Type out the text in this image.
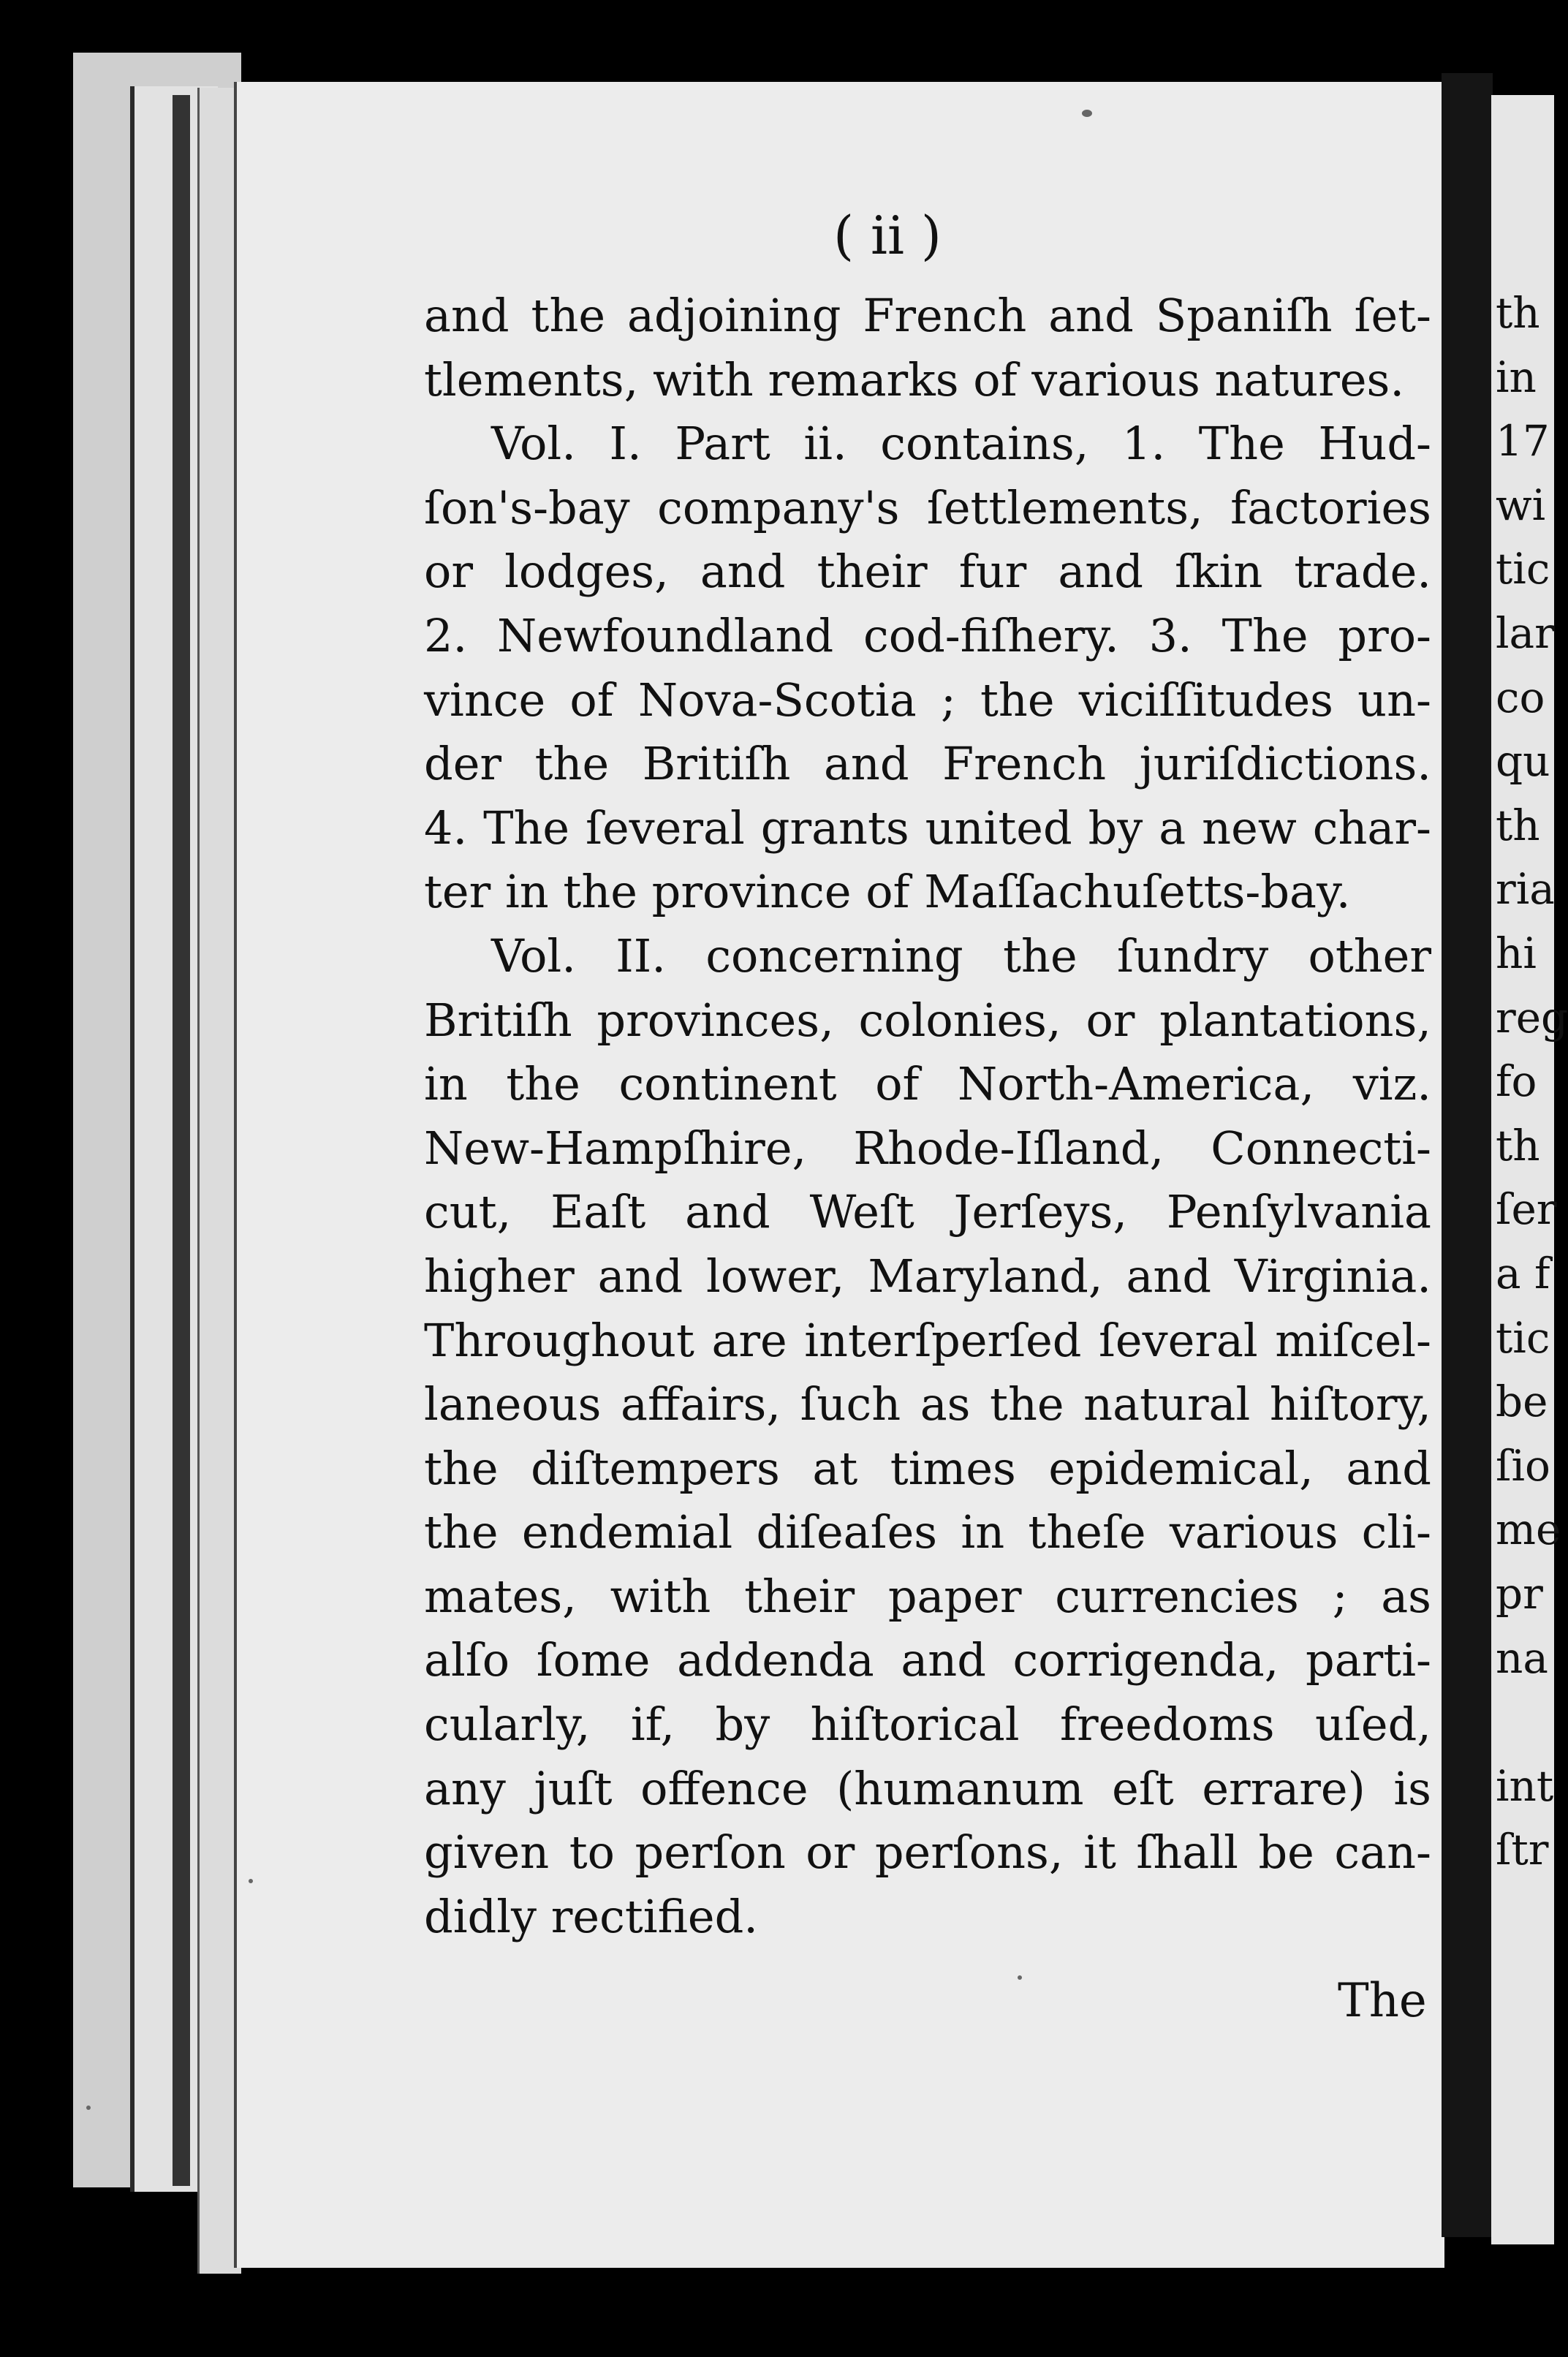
( ii )
and the adjoining French and Spaniſh ſet-
tlements, with remarks of various natures.
Vol. I. Part ii. contains, 1. The Hud-
ſon's-bay company's ſettlements, factories
or lodges, and their fur and ſkin trade.
2. Newfoundland cod-fiſhery. 3. The pro-
vince of Nova-Scotia ; the viciſſitudes un-
der the Britiſh and French juriſdictions.
4. The ſeveral grants united by a new char-
ter in the province of Maſſachuſetts-bay.
Vol. II. concerning the ſundry other
Britiſh provinces, colonies, or plantations,
in the continent of North-America, viz.
New-Hampſhire, Rhode-Iſland, Connecti-
cut, Eaſt and Weſt Jerſeys, Penſylvania
higher and lower, Maryland, and Virginia.
Throughout are interſperſed ſeveral miſcel-
laneous affairs, ſuch as the natural hiſtory,
the diſtempers at times epidemical, and
the endemial diſeaſes in theſe various cli-
mates, with their paper currencies ; as
alſo ſome addenda and corrigenda, parti-
cularly, if, by hiſtorical freedoms uſed,
any juſt offence (humanum eſt errare) is
given to perſon or perſons, it ſhall be can-
didly rectified.
The
th
in
17
wi
tic
lar
co
qu
th
ria
hi
reg
fo
th
ſer
a f
tic
be
ſio
me
pr
na
int
ſtr
